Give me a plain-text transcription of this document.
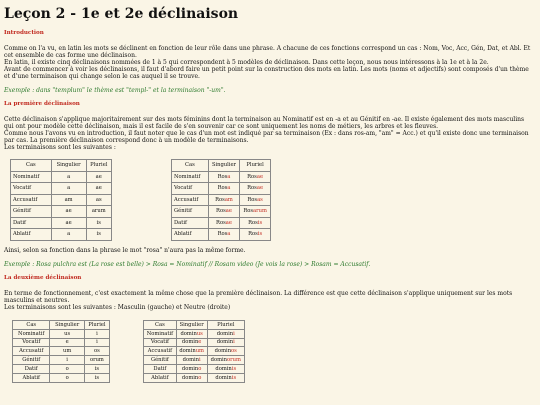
Leçon 2 - 1e et 2e déclinaison
Introduction

Comme on l'a vu, en latin les mots se déclinent en fonction de leur rôle dans une phrase. A chacune de ces fonctions correspond un cas : Nom, Voc, Acc, Gén, Dat, et Abl. Et cet ensemble de cas forme une déclinaison.

En latin, il existe cinq déclinaisons nommées de 1 à 5 qui correspondent à 5 modèles de déclinaison. Dans cette leçon, nous nous intéressons à la 1e et à la 2e.

Avant de commencer à voir les déclinaisons, il faut d'abord faire un petit point sur la construction des mots en latin. Les mots (noms et adjectifs) sont composés d'un thème et d'une terminaison qui change selon le cas auquel il se trouve.

Exemple : dans "templum" le thème est "templ-" et la terminaison "-um".

La première déclinaison

Cette déclinaison s'applique majoritairement sur des mots féminins dont la terminaison au Nominatif est en -a et au Génitif en -ae. Il existe également des mots masculins qui ont pour modèle cette déclinaison, mais il est facile de s'en souvenir car ce sont uniquement les noms de métiers, les arbres et les fleuves.

Comme nous l'avons vu en introduction, il faut noter que le cas d'un mot est indiqué par sa terminaison (Ex : dans ros-am, "am" = Acc.) et qu'il existe donc une terminaison par cas. La première déclinaison correspond donc à un modèle de terminaisons.

Les terminaisons sont les suivantes :

Cas	Singulier	Pluriel
Nominatif	a	ae
Vocatif	a	ae
Accusatif	am	as
Génitif	ae	arum
Datif	ae	is
Ablatif	a	is
Cas	Singulier	Pluriel
Nominatif	Rosa	Rosae
Vocatif	Rosa	Rosae
Accusatif	Rosam	Rosas
Génitif	Rosae	Rosarum
Datif	Rosae	Rosis
Ablatif	Rosa	Rosis

Ainsi, selon sa fonction dans la phrase le mot "rosa" n'aura pas la même forme.

Exemple : Rosa pulchra est (La rose est belle) > Rosa = Nominatif // Rosam video (Je vois la rose) > Rosam = Accusatif.

La deuxième déclinaison

En terme de fonctionnement, c'est exactement la même chose que la première déclinaison. La différence est que cette déclinaison s'applique uniquement sur les mots masculins et neutres.

Les terminaisons sont les suivantes : Masculin (gauche) et Neutre (droite)

Cas	Singulier	Pluriel
Nominatif	us	i
Vocatif	e	i
Accusatif	um	os
Génitif	i	orum
Datif	o	is
Ablatif	o	is
Cas	Singulier	Pluriel
Nominatif	dominus	domini
Vocatif	domine	domini
Accusatif	dominum	dominos
Génitif	domini	dominorum
Datif	domino	dominis
Ablatif	domino	dominis
